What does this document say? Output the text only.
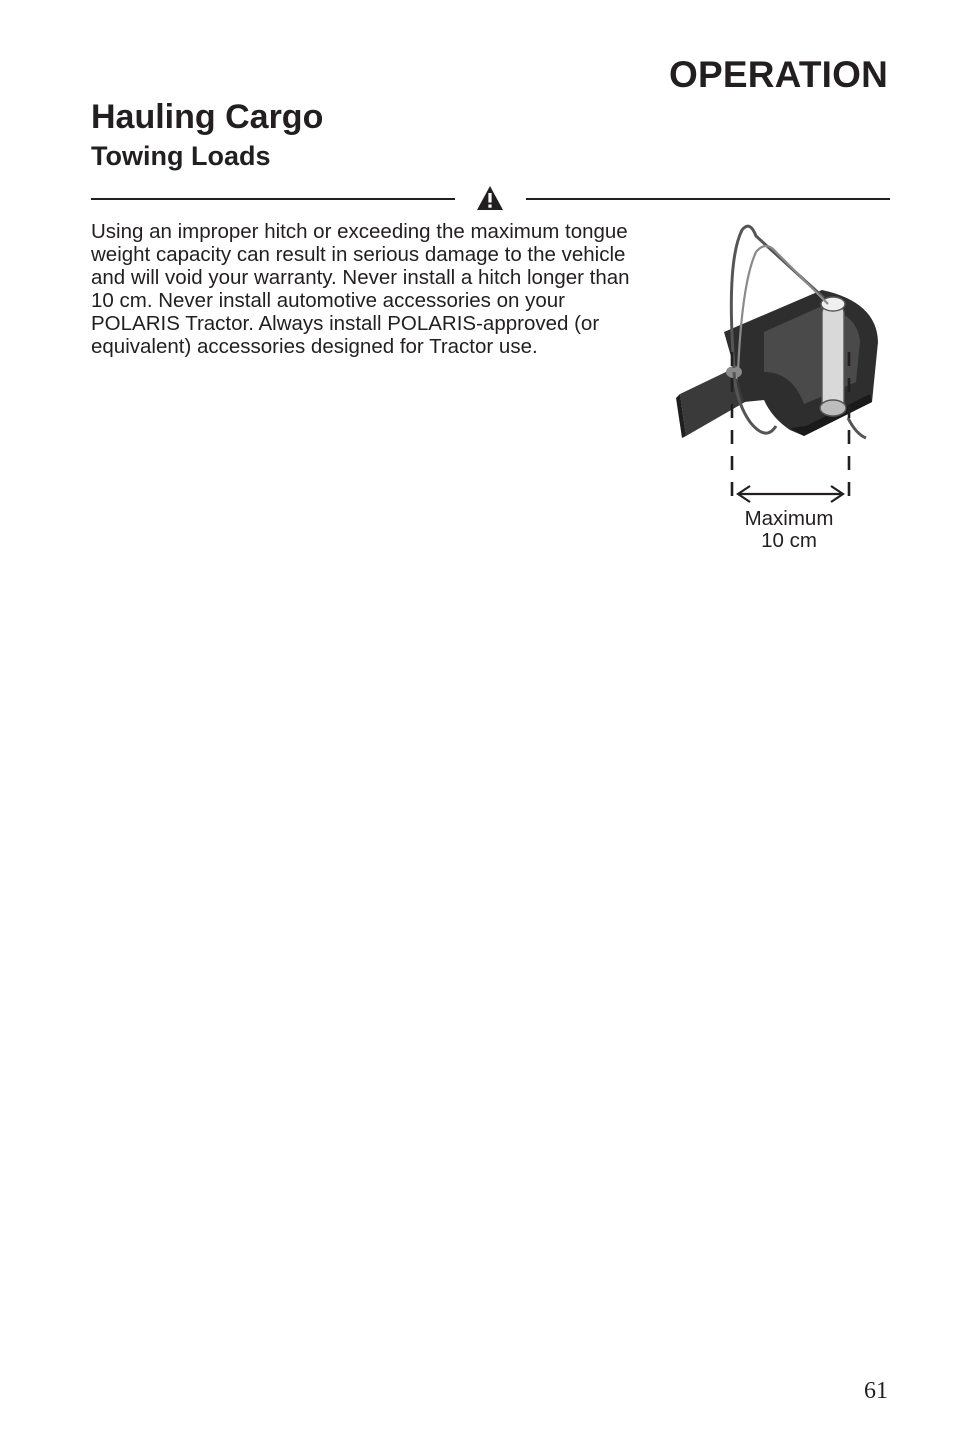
OPERATION
Hauling Cargo
Towing Loads

Using an improper hitch or exceeding the maximum tongue weight capacity can result in serious damage to the vehicle and will void your warranty. Never install a hitch longer than 10 cm. Never install automotive accessories on your POLARIS Tractor. Always install POLARIS-approved (or equivalent) accessories designed for Tractor use.

Maximum
10 cm
61
